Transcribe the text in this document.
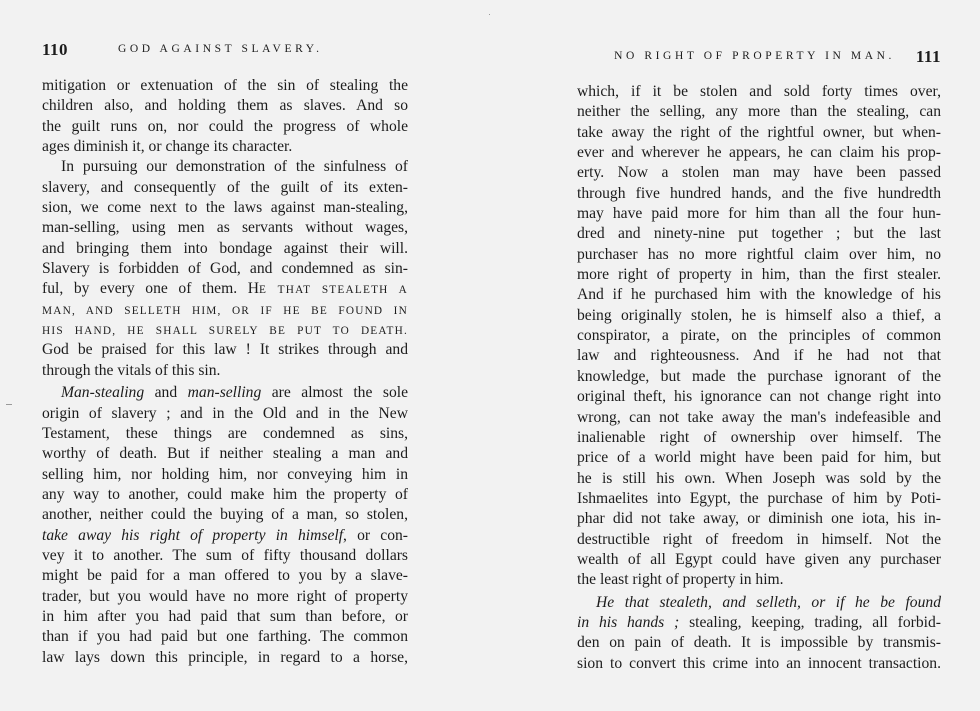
110	GOD AGAINST SLAVERY.
mitigation or extenuation of the sin of stealing the
children also, and holding them as slaves. And so
the guilt runs on, nor could the progress of whole
ages diminish it, or change its character.
In pursuing our demonstration of the sinfulness of
slavery, and consequently of the guilt of its exten-
sion, we come next to the laws against man-stealing,
man-selling, using men as servants without wages,
and bringing them into bondage against their will.
Slavery is forbidden of God, and condemned as sin-
ful, by every one of them. HE THAT STEALETH A
MAN, AND SELLETH HIM, OR IF HE BE FOUND IN
HIS HAND, HE SHALL SURELY BE PUT TO DEATH.
God be praised for this law ! It strikes through and
through the vitals of this sin.
Man-stealing and man-selling are almost the sole
origin of slavery ; and in the Old and in the New
Testament, these things are condemned as sins,
worthy of death. But if neither stealing a man and
selling him, nor holding him, nor conveying him in
any way to another, could make him the property of
another, neither could the buying of a man, so stolen,
take away his right of property in himself, or con-
vey it to another. The sum of fifty thousand dollars
might be paid for a man offered to you by a slave-
trader, but you would have no more right of property
in him after you had paid that sum than before, or
than if you had paid but one farthing. The common
law lays down this principle, in regard to a horse,
NO RIGHT OF PROPERTY IN MAN. 111
which, if it be stolen and sold forty times over,
neither the selling, any more than the stealing, can
take away the right of the rightful owner, but when-
ever and wherever he appears, he can claim his prop-
erty. Now a stolen man may have been passed
through five hundred hands, and the five hundredth
may have paid more for him than all the four hun-
dred and ninety-nine put together ; but the last
purchaser has no more rightful claim over him, no
more right of property in him, than the first stealer.
And if he purchased him with the knowledge of his
being originally stolen, he is himself also a thief, a
conspirator, a pirate, on the principles of common
law and righteousness. And if he had not that
knowledge, but made the purchase ignorant of the
original theft, his ignorance can not change right into
wrong, can not take away the man's indefeasible and
inalienable right of ownership over himself. The
price of a world might have been paid for him, but
he is still his own. When Joseph was sold by the
Ishmaelites into Egypt, the purchase of him by Poti-
phar did not take away, or diminish one iota, his in-
destructible right of freedom in himself. Not the
wealth of all Egypt could have given any purchaser
the least right of property in him.
He that stealeth, and selleth, or if he be found
in his hands ; stealing, keeping, trading, all forbid-
den on pain of death. It is impossible by transmis-
sion to convert this crime into an innocent transaction.
